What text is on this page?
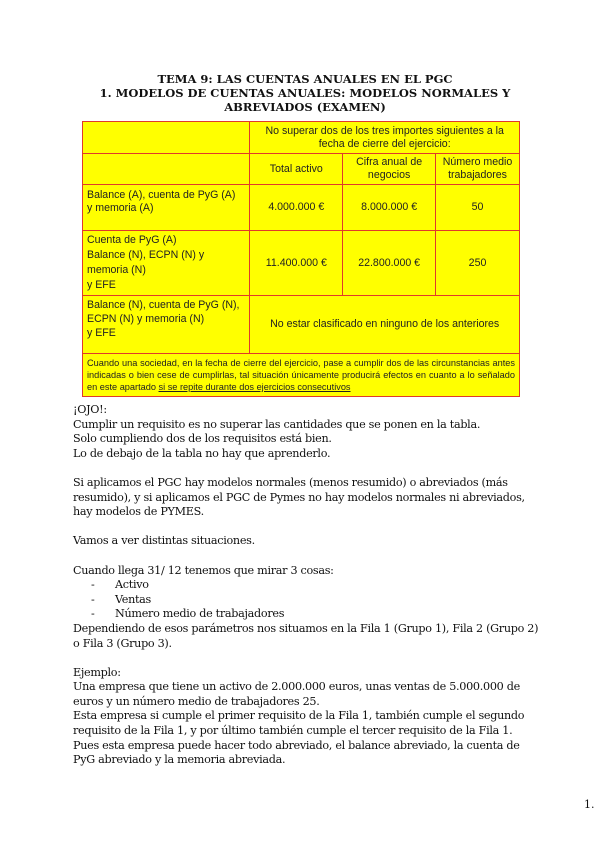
TEMA 9: LAS CUENTAS ANUALES EN EL PGC
1. MODELOS DE CUENTAS ANUALES: MODELOS NORMALES Y
ABREVIADOS (EXAMEN)
	No superar dos de los tres importes siguientes a la fecha de cierre del ejercicio:		
	Total activo	Cifra anual de negocios	Número medio trabajadores

Balance (A), cuenta de PyG (A)
y memoria (A)	4.000.000 €	8.000.000 €	50

Cuenta de PyG (A)
Balance (N), ECPN (N) y memoria (N)
y EFE	11.400.000 €	22.800.000 €	250

Balance (N), cuenta de PyG (N), ECPN (N) y memoria (N)
y EFE	No estar clasificado en ninguno de los anteriores		
Cuando una sociedad, en la fecha de cierre del ejercicio, pase a cumplir dos de las circunstancias antes indicadas o bien cese de cumplirlas, tal situación únicamente producirá efectos en cuanto a lo señalado en este apartado si se repite durante dos ejercicios consecutivos			

¡OJO!:

Cumplir un requisito es no superar las cantidades que se ponen en la tabla.

Solo cumpliendo dos de los requisitos está bien.

Lo de debajo de la tabla no hay que aprenderlo.

Si aplicamos el PGC hay modelos normales (menos resumido) o abreviados (más resumido), y si aplicamos el PGC de Pymes no hay modelos normales ni abreviados, hay modelos de PYMES.

Vamos a ver distintas situaciones.

Cuando llega 31/ 12 tenemos que mirar 3 cosas:

- Activo

- Ventas

- Número medio de trabajadores

Dependiendo de esos parámetros nos situamos en la Fila 1 (Grupo 1), Fila 2 (Grupo 2) o Fila 3 (Grupo 3).

Ejemplo:

Una empresa que tiene un activo de 2.000.000 euros, unas ventas de 5.000.000 de euros y un número medio de trabajadores 25.

Esta empresa si cumple el primer requisito de la Fila 1, también cumple el segundo requisito de la Fila 1, y por último también cumple el tercer requisito de la Fila 1.

Pues esta empresa puede hacer todo abreviado, el balance abreviado, la cuenta de PyG abreviado y la memoria abreviada.

1.
